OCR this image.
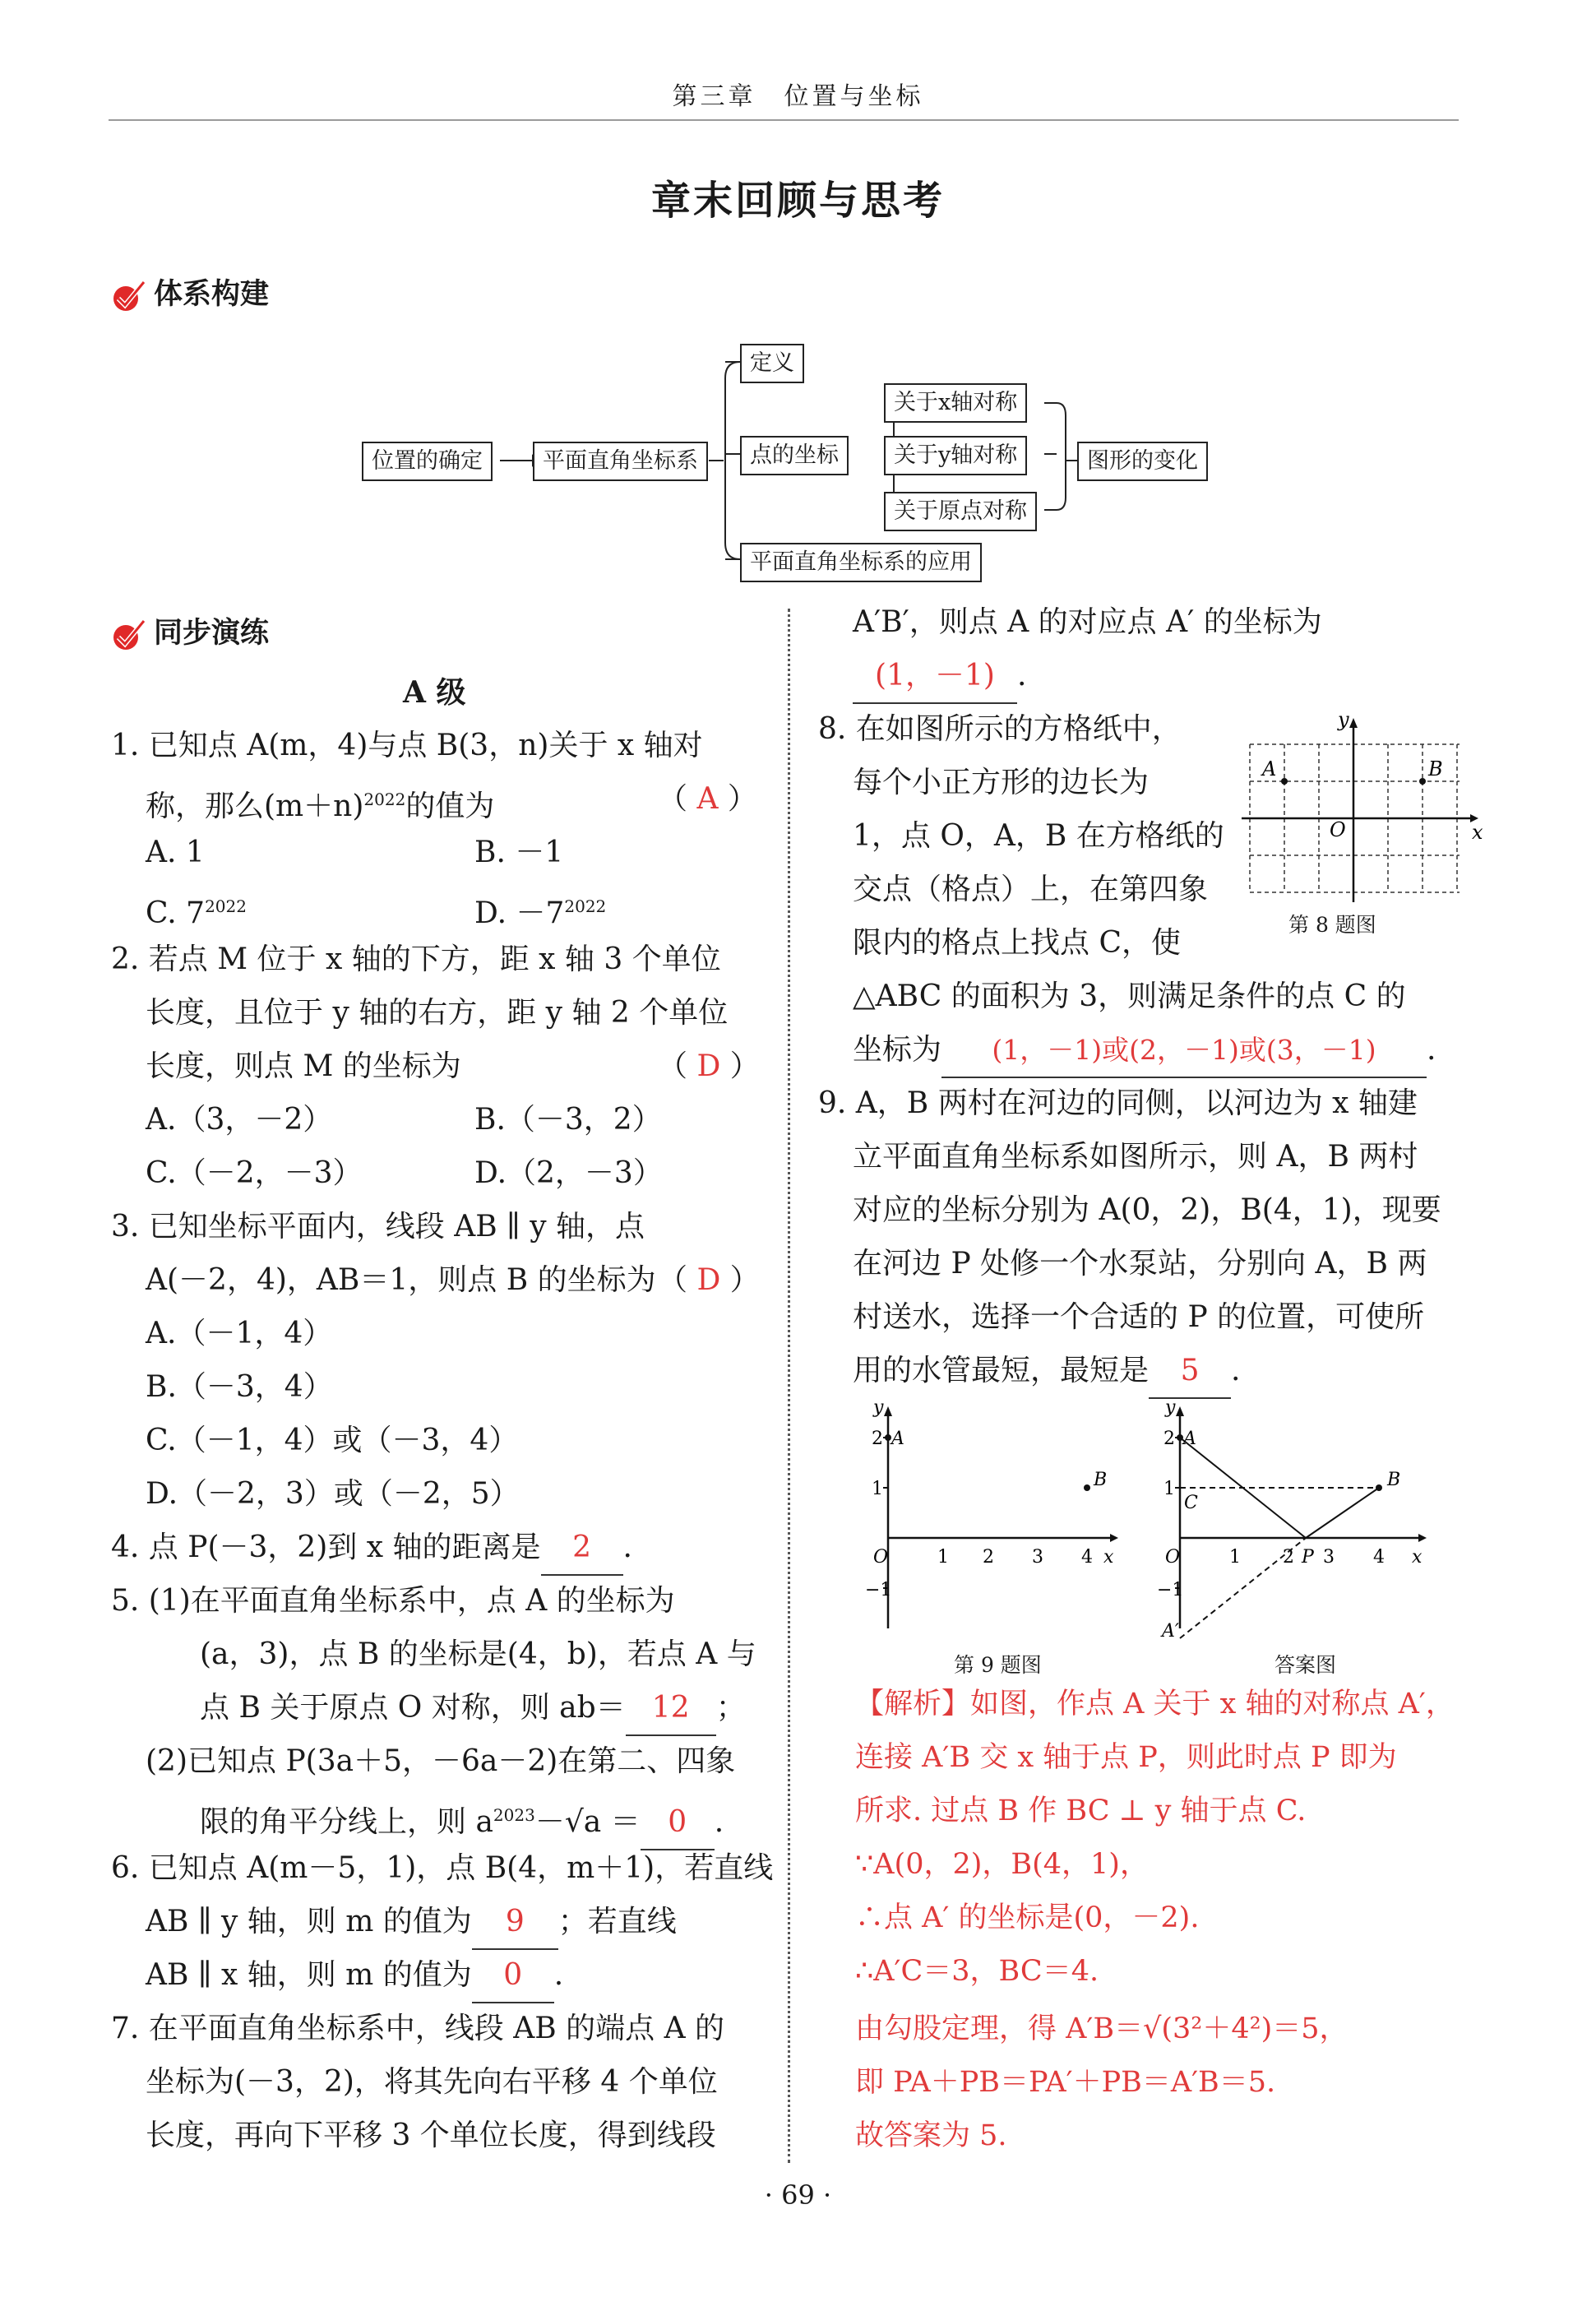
第三章　位置与坐标
章末回顾与思考
体系构建
位置的确定	平面直角坐标系
定义
点的坐标
关于x轴对称
关于y轴对称
关于原点对称
图形的变化
平面直角坐标系的应用
同步演练
A 级
1. 已知点 A(m，4)与点 B(3，n)关于 x 轴对
称，那么$(m+n)^{2022}$的值为	（ A ）
A. 1	B. －1
C. $7^{2022}$	D. $-7^{2022}$
2. 若点 M 位于 x 轴的下方，距 x 轴 3 个单位
长度，且位于 y 轴的右方，距 y 轴 2 个单位
长度，则点 M 的坐标为	（ D ）
A.（3，－2）	B.（－3，2）
C.（－2，－3）	D.（2，－3）
3. 已知坐标平面内，线段 AB ∥ y 轴，点
A(－2，4)，AB＝1，则点 B 的坐标为 （ D ）
A.（－1，4）
B.（－3，4）
C.（－1，4）或（－3，4）
D.（－2，3）或（－2，5）
4. 点 P(－3，2)到 x 轴的距离是 2 .
5. (1)在平面直角坐标系中，点 A 的坐标为
(a，3)，点 B 的坐标是(4，b)，若点 A 与
点 B 关于原点 O 对称，则 ab＝ 12 ；
(2)已知点 P(3a＋5，－6a－2)在第二、四象
限的角平分线上，则 $a^{2023}-√a = 0$ .
6. 已知点 A(m－5，1)，点 B(4，m＋1)，若直线
AB ∥ y 轴，则 m 的值为 9 ；若直线
AB ∥ x 轴，则 m 的值为 0 .
7. 在平面直角坐标系中，线段 AB 的端点 A 的
坐标为(－3，2)，将其先向右平移 4 个单位
长度，再向下平移 3 个单位长度，得到线段
A′B′，则点 A 的对应点 A′ 的坐标为
(1，－1) .
8. 在如图所示的方格纸中，
每个小正方形的边长为
1，点 O，A，B 在方格纸的
交点（格点）上，在第四象
限内的格点上找点 C，使
△ABC 的面积为 3，则满足条件的点 C 的
坐标为 (1，－1)或(2，－1)或(3，－1) .
9. A，B 两村在河边的同侧，以河边为 x 轴建
立平面直角坐标系如图所示，则 A，B 两村
对应的坐标分别为 A(0，2)，B(4，1)，现要
在河边 P 处修一个水泵站，分别向 A，B 两
村送水，选择一个合适的 P 的位置，可使所
用的水管最短，最短是 5 .
y
x
O
A	B
第 8 题图
y
x
O
2 A
1
−1
1 2 3 4
B
y
x
O
2 A
1
C
−1
A′
1 2 P 3 4
B
第 9 题图	答案图
【解析】如图，作点 A 关于 x 轴的对称点 A′，
连接 A′B 交 x 轴于点 P，则此时点 P 即为
所求. 过点 B 作 BC ⊥ y 轴于点 C.
∵A(0，2)，B(4，1)，
∴点 A′ 的坐标是(0，－2).
∴A′C＝3，BC＝4.
由勾股定理，得 A′B＝√(3²＋4²)＝5，
即 PA＋PB＝PA′＋PB＝A′B＝5.
故答案为 5.
· 69 ·
